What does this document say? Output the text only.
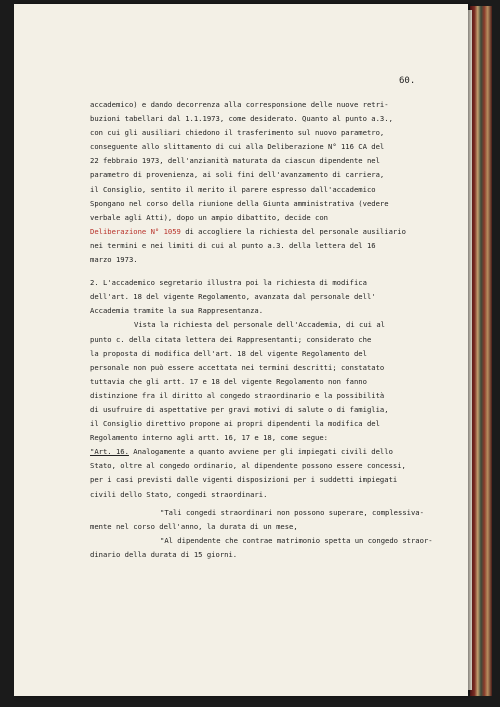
60.
accademico) e dando decorrenza alla corresponsione delle nuove retri-
buzioni tabellari dal 1.1.1973, come desiderato. Quanto al punto a.3.,
con cui gli ausiliari chiedono il trasferimento sul nuovo parametro,
conseguente allo slittamento di cui alla Deliberazione N° 116 CA del
22 febbraio 1973, dell'anzianità maturata da ciascun dipendente nel
parametro di provenienza, ai soli fini dell'avanzamento di carriera,
il Consiglio, sentito il merito il parere espresso dall'accademico
Spongano nel corso della riunione della Giunta amministrativa (vedere
verbale agli Atti), dopo un ampio dibattito, decide con
Deliberazione N° 1059 di accogliere la richiesta del personale ausiliario
nei termini e nei limiti di cui al punto a.3. della lettera del 16
marzo 1973.
2. L'accademico segretario illustra poi la richiesta di modifica
dell'art. 18 del vigente Regolamento, avanzata dal personale dell'
Accademia tramite la sua Rappresentanza.
Vista la richiesta del personale dell'Accademia, di cui al
punto c. della citata lettera dei Rappresentanti; considerato che
la proposta di modifica dell'art. 18 del vigente Regolamento del
personale non può essere accettata nei termini descritti; constatato
tuttavia che gli artt. 17 e 18 del vigente Regolamento non fanno
distinzione fra il diritto al congedo straordinario e la possibilità
di usufruire di aspettative per gravi motivi di salute o di famiglia,
il Consiglio direttivo propone ai propri dipendenti la modifica del
Regolamento interno agli artt. 16, 17 e 18, come segue:
"Art. 16. Analogamente a quanto avviene per gli impiegati civili dello
Stato, oltre al congedo ordinario, al dipendente possono essere concessi,
per i casi previsti dalle vigenti disposizioni per i suddetti impiegati
civili dello Stato, congedi straordinari.
"Tali congedi straordinari non possono superare, complessiva-
mente nel corso dell'anno, la durata di un mese,
"Al dipendente che contrae matrimonio spetta un congedo straor-
dinario della durata di 15 giorni.
